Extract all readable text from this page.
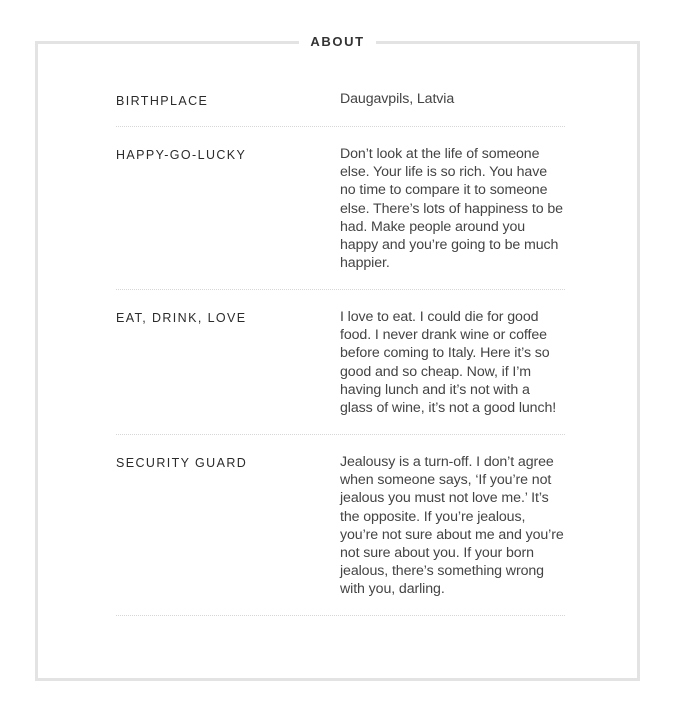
ABOUT
BIRTHPLACE	Daugavpils, Latvia
HAPPY-GO-LUCKY	Don’t look at the life of someone else. Your life is so rich. You have no time to compare it to someone else. There’s lots of happiness to be had. Make people around you happy and you’re going to be much happier.
EAT, DRINK, LOVE	I love to eat. I could die for good food. I never drank wine or coffee before coming to Italy. Here it’s so good and so cheap. Now, if I’m having lunch and it’s not with a glass of wine, it’s not a good lunch!
SECURITY GUARD	Jealousy is a turn-off. I don’t agree when someone says, ‘If you’re not jealous you must not love me.’ It’s the opposite. If you’re jealous, you’re not sure about me and you’re not sure about you. If your born jealous, there’s something wrong with you, darling.
